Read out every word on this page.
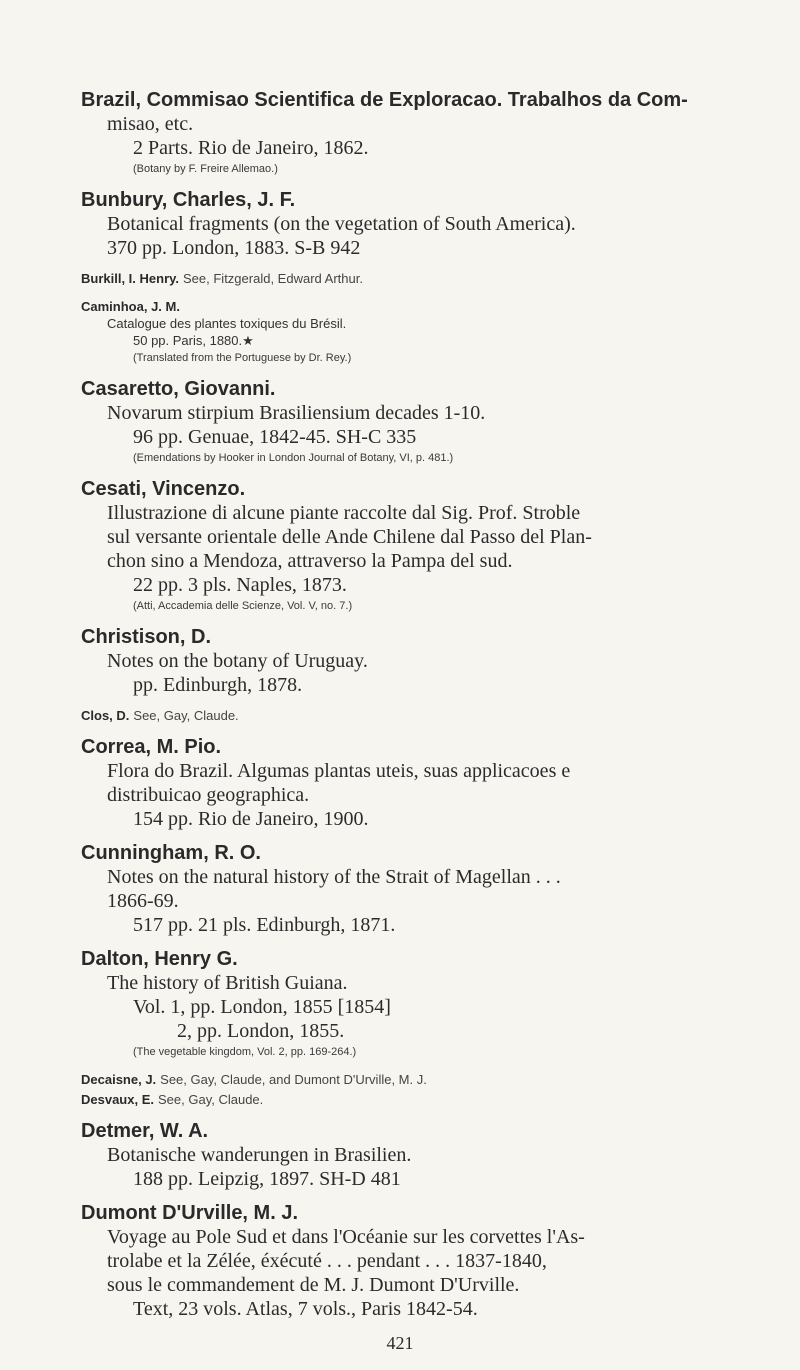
Brazil, Commisao Scientifica de Exploracao. Trabalhos da Com-
misao, etc.
2 Parts. Rio de Janeiro, 1862.
(Botany by F. Freire Allemao.)
Bunbury, Charles, J. F.
Botanical fragments (on the vegetation of South America).
370 pp. London, 1883. S-B 942
Burkill, I. Henry. See, Fitzgerald, Edward Arthur.
Caminhoa, J. M.
Catalogue des plantes toxiques du Brésil.
50 pp. Paris, 1880.★
(Translated from the Portuguese by Dr. Rey.)
Casaretto, Giovanni.
Novarum stirpium Brasiliensium decades 1-10.
96 pp. Genuae, 1842-45. SH-C 335
(Emendations by Hooker in London Journal of Botany, VI, p. 481.)
Cesati, Vincenzo.
Illustrazione di alcune piante raccolte dal Sig. Prof. Stroble
sul versante orientale delle Ande Chilene dal Passo del Plan-
chon sino a Mendoza, attraverso la Pampa del sud.
22 pp. 3 pls. Naples, 1873.
(Atti, Accademia delle Scienze, Vol. V, no. 7.)
Christison, D.
Notes on the botany of Uruguay.
pp. Edinburgh, 1878.
Clos, D. See, Gay, Claude.
Correa, M. Pio.
Flora do Brazil. Algumas plantas uteis, suas applicacoes e
distribuicao geographica.
154 pp. Rio de Janeiro, 1900.
Cunningham, R. O.
Notes on the natural history of the Strait of Magellan . . .
1866-69.
517 pp. 21 pls. Edinburgh, 1871.
Dalton, Henry G.
The history of British Guiana.
Vol. 1, pp. London, 1855 [1854]
2, pp. London, 1855.
(The vegetable kingdom, Vol. 2, pp. 169-264.)
Decaisne, J. See, Gay, Claude, and Dumont D'Urville, M. J.
Desvaux, E. See, Gay, Claude.
Detmer, W. A.
Botanische wanderungen in Brasilien.
188 pp. Leipzig, 1897. SH-D 481
Dumont D'Urville, M. J.
Voyage au Pole Sud et dans l'Océanie sur les corvettes l'As-
trolabe et la Zélée, éxécuté . . . pendant . . . 1837-1840,
sous le commandement de M. J. Dumont D'Urville.
Text, 23 vols. Atlas, 7 vols., Paris 1842-54.
421
